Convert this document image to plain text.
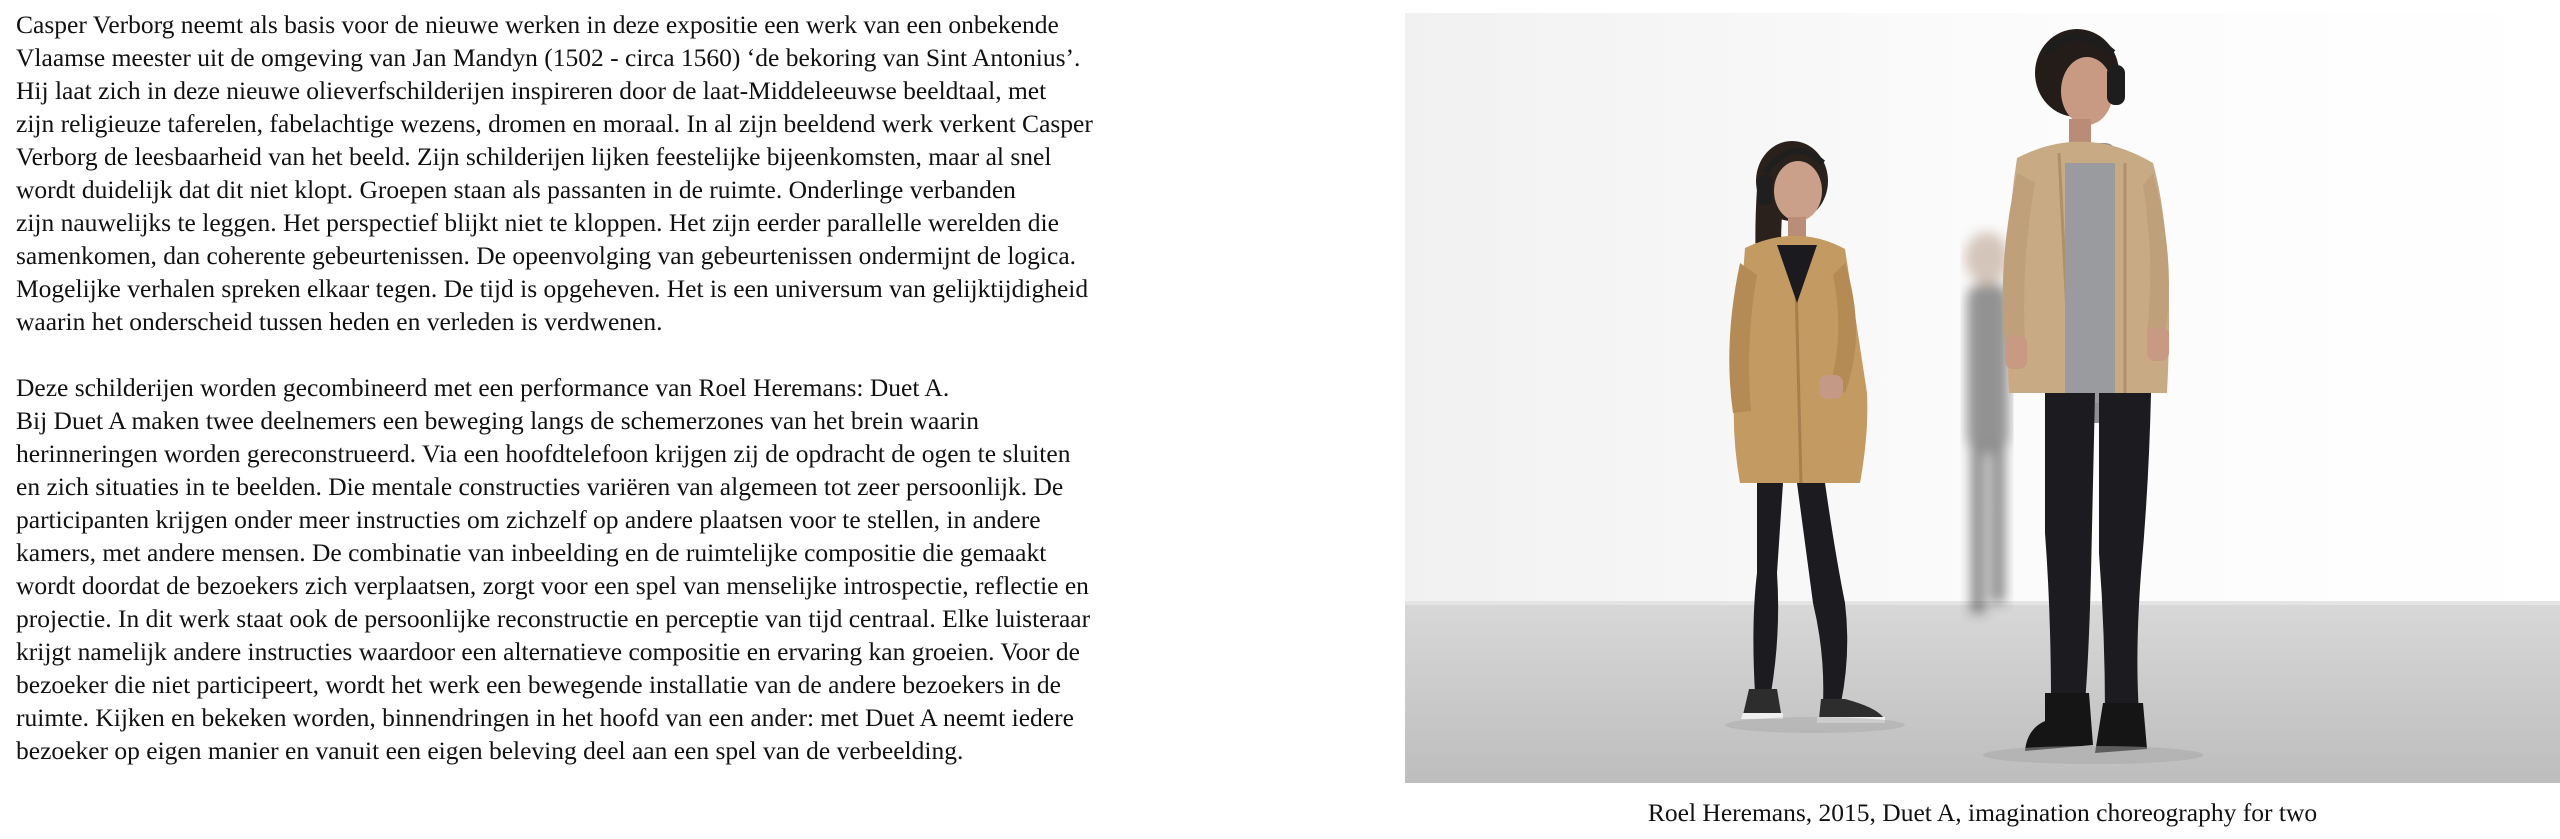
Casper Verborg neemt als basis voor de nieuwe werken in deze expositie een werk van een onbekende
Vlaamse meester uit de omgeving van Jan Mandyn (1502 - circa 1560) ‘de bekoring van Sint Antonius’.
Hij laat zich in deze nieuwe olieverfschilderijen inspireren door de laat-Middeleeuwse beeldtaal, met
zijn religieuze taferelen, fabelachtige wezens, dromen en moraal. In al zijn beeldend werk verkent Casper
Verborg de leesbaarheid van het beeld. Zijn schilderijen lijken feestelijke bijeenkomsten, maar al snel
wordt duidelijk dat dit niet klopt. Groepen staan als passanten in de ruimte. Onderlinge verbanden
zijn nauwelijks te leggen. Het perspectief blijkt niet te kloppen. Het zijn eerder parallelle werelden die
samenkomen, dan coherente gebeurtenissen. De opeenvolging van gebeurtenissen ondermijnt de logica.
Mogelijke verhalen spreken elkaar tegen. De tijd is opgeheven. Het is een universum van gelijktijdigheid
waarin het onderscheid tussen heden en verleden is verdwenen.
Deze schilderijen worden gecombineerd met een performance van Roel Heremans: Duet A.
Bij Duet A maken twee deelnemers een beweging langs de schemerzones van het brein waarin
herinneringen worden gereconstrueerd. Via een hoofdtelefoon krijgen zij de opdracht de ogen te sluiten
en zich situaties in te beelden. Die mentale constructies variëren van algemeen tot zeer persoonlijk. De
participanten krijgen onder meer instructies om zichzelf op andere plaatsen voor te stellen, in andere
kamers, met andere mensen. De combinatie van inbeelding en de ruimtelijke compositie die gemaakt
wordt doordat de bezoekers zich verplaatsen, zorgt voor een spel van menselijke introspectie, reflectie en
projectie. In dit werk staat ook de persoonlijke reconstructie en perceptie van tijd centraal. Elke luisteraar
krijgt namelijk andere instructies waardoor een alternatieve compositie en ervaring kan groeien. Voor de
bezoeker die niet participeert, wordt het werk een bewegende installatie van de andere bezoekers in de
ruimte. Kijken en bekeken worden, binnendringen in het hoofd van een ander: met Duet A neemt iedere
bezoeker op eigen manier en vanuit een eigen beleving deel aan een spel van de verbeelding.
Roel Heremans, 2015, Duet A, imagination choreography for two
